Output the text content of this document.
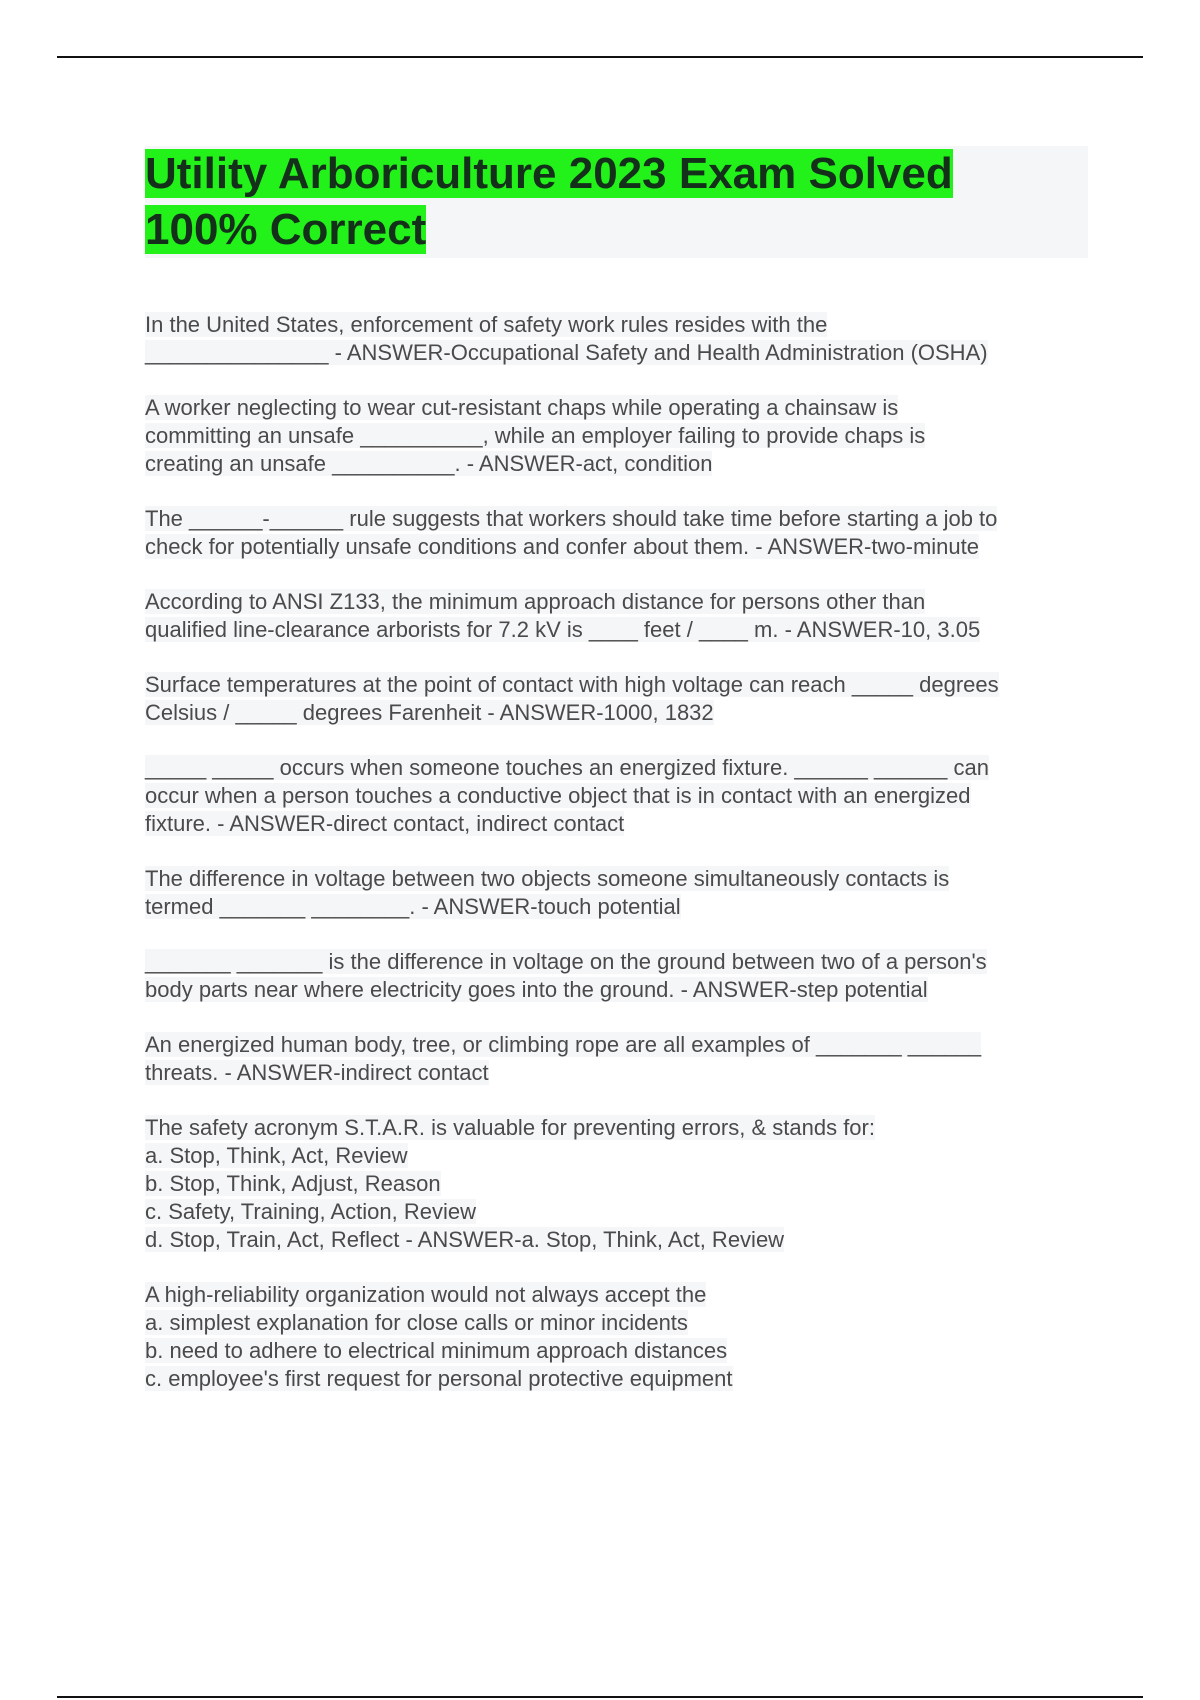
Utility Arboriculture 2023 Exam Solved
100% Correct

In the United States, enforcement of safety work rules resides with the
_______________ - ANSWER-Occupational Safety and Health Administration (OSHA)

A worker neglecting to wear cut-resistant chaps while operating a chainsaw is
committing an unsafe __________, while an employer failing to provide chaps is
creating an unsafe __________. - ANSWER-act, condition

The ______-______ rule suggests that workers should take time before starting a job to
check for potentially unsafe conditions and confer about them. - ANSWER-two-minute

According to ANSI Z133, the minimum approach distance for persons other than
qualified line-clearance arborists for 7.2 kV is ____ feet / ____ m. - ANSWER-10, 3.05

Surface temperatures at the point of contact with high voltage can reach _____ degrees
Celsius / _____ degrees Farenheit - ANSWER-1000, 1832

_____ _____ occurs when someone touches an energized fixture. ______ ______ can
occur when a person touches a conductive object that is in contact with an energized
fixture. - ANSWER-direct contact, indirect contact

The difference in voltage between two objects someone simultaneously contacts is
termed _______ ________. - ANSWER-touch potential

_______ _______ is the difference in voltage on the ground between two of a person's
body parts near where electricity goes into the ground. - ANSWER-step potential

An energized human body, tree, or climbing rope are all examples of _______ ______
threats. - ANSWER-indirect contact

The safety acronym S.T.A.R. is valuable for preventing errors, & stands for:
a. Stop, Think, Act, Review
b. Stop, Think, Adjust, Reason
c. Safety, Training, Action, Review
d. Stop, Train, Act, Reflect - ANSWER-a. Stop, Think, Act, Review

A high-reliability organization would not always accept the
a. simplest explanation for close calls or minor incidents
b. need to adhere to electrical minimum approach distances
c. employee's first request for personal protective equipment
